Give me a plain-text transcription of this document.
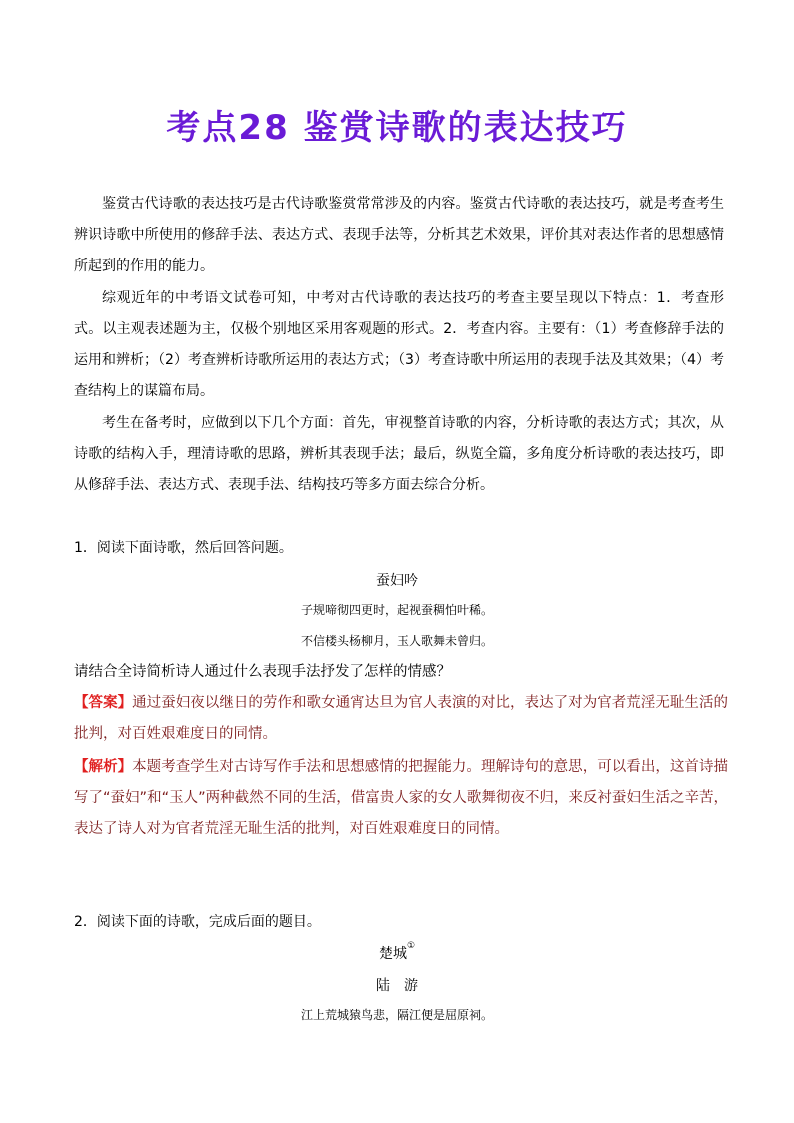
考点28 鉴赏诗歌的表达技巧

鉴赏古代诗歌的表达技巧是古代诗歌鉴赏常常涉及的内容。鉴赏古代诗歌的表达技巧，就是考查考生辨识诗歌中所使用的修辞手法、表达方式、表现手法等，分析其艺术效果，评价其对表达作者的思想感情所起到的作用的能力。

综观近年的中考语文试卷可知，中考对古代诗歌的表达技巧的考查主要呈现以下特点：1．考查形式。以主观表述题为主，仅极个别地区采用客观题的形式。2．考查内容。主要有：（1）考查修辞手法的运用和辨析；（2）考查辨析诗歌所运用的表达方式；（3）考查诗歌中所运用的表现手法及其效果；（4）考查结构上的谋篇布局。

考生在备考时，应做到以下几个方面：首先，审视整首诗歌的内容，分析诗歌的表达方式；其次，从诗歌的结构入手，理清诗歌的思路，辨析其表现手法；最后，纵览全篇，多角度分析诗歌的表达技巧，即从修辞手法、表达方式、表现手法、结构技巧等多方面去综合分析。

1．阅读下面诗歌，然后回答问题。
蚕妇吟
子规啼彻四更时，起视蚕稠怕叶稀。
不信楼头杨柳月，玉人歌舞未曾归。
请结合全诗简析诗人通过什么表现手法抒发了怎样的情感？

【答案】通过蚕妇夜以继日的劳作和歌女通宵达旦为官人表演的对比，表达了对为官者荒淫无耻生活的批判，对百姓艰难度日的同情。

【解析】本题考查学生对古诗写作手法和思想感情的把握能力。理解诗句的意思，可以看出，这首诗描写了“蚕妇”和“玉人”两种截然不同的生活，借富贵人家的女人歌舞彻夜不归，来反衬蚕妇生活之辛苦，表达了诗人对为官者荒淫无耻生活的批判，对百姓艰难度日的同情。

2．阅读下面的诗歌，完成后面的题目。
楚城①
陆　游
江上荒城猿鸟悲，隔江便是屈原祠。
